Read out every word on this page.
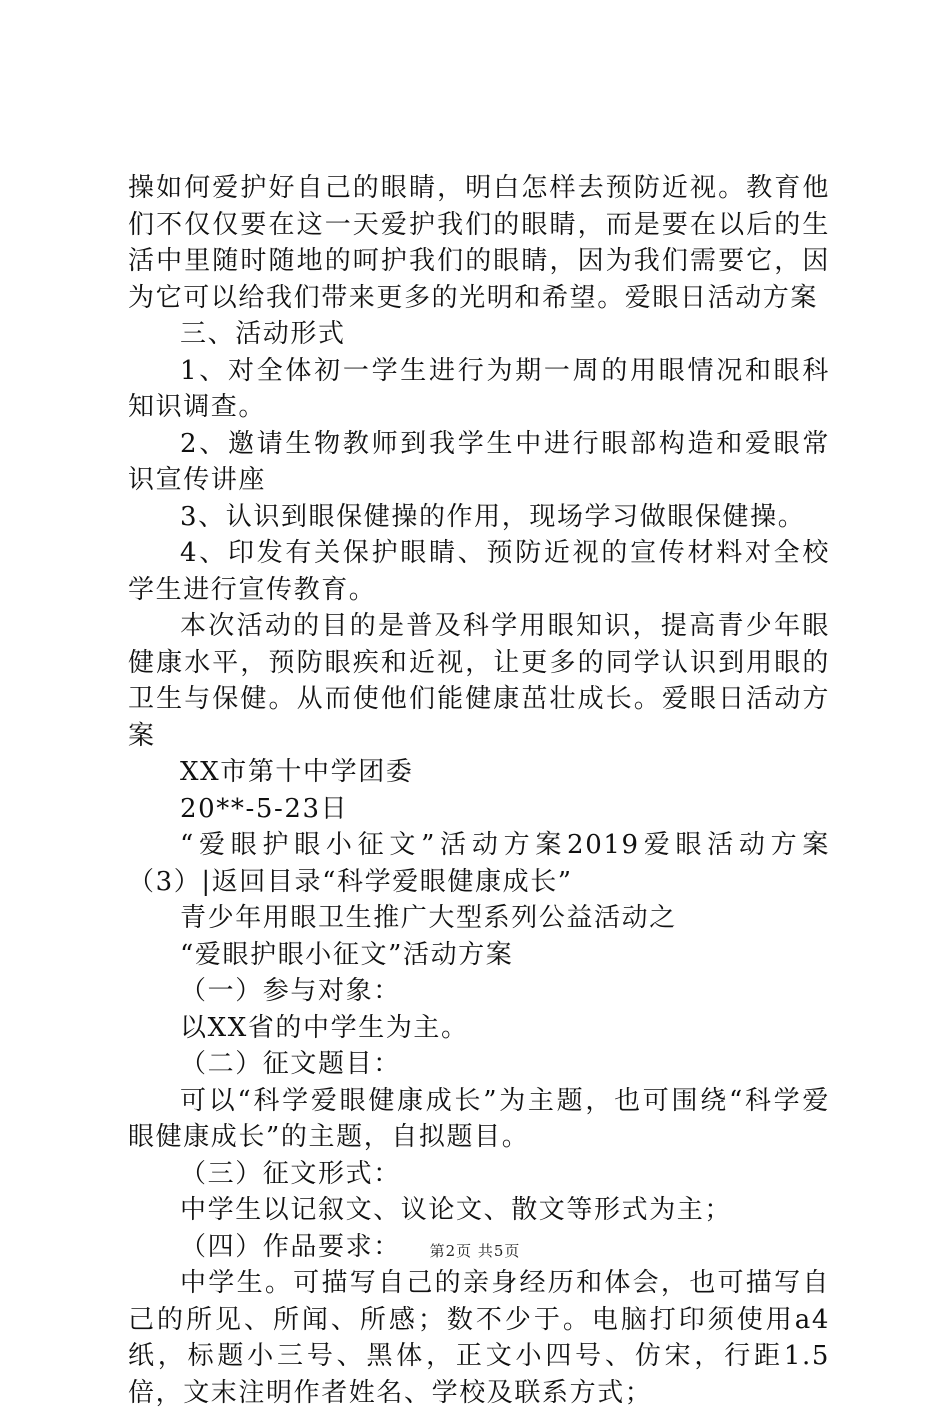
操如何爱护好自己的眼睛，明白怎样去预防近视。教育他们不仅仅要在这一天爱护我们的眼睛，而是要在以后的生活中里随时随地的呵护我们的眼睛，因为我们需要它，因为它可以给我们带来更多的光明和希望。爱眼日活动方案

三、活动形式

1、对全体初一学生进行为期一周的用眼情况和眼科知识调查。

2、邀请生物教师到我学生中进行眼部构造和爱眼常识宣传讲座

3、认识到眼保健操的作用，现场学习做眼保健操。

4、印发有关保护眼睛、预防近视的宣传材料对全校学生进行宣传教育。

本次活动的目的是普及科学用眼知识，提高青少年眼健康水平，预防眼疾和近视，让更多的同学认识到用眼的卫生与保健。从而使他们能健康茁壮成长。爱眼日活动方案

XX市第十中学团委

20**-5-23日

“爱眼护眼小征文”活动方案2019爱眼活动方案（3）|返回目录“科学爱眼健康成长”

青少年用眼卫生推广大型系列公益活动之

“爱眼护眼小征文”活动方案

（一）参与对象：

以XX省的中学生为主。

（二）征文题目：

可以“科学爱眼健康成长”为主题，也可围绕“科学爱眼健康成长”的主题，自拟题目。

（三）征文形式：

中学生以记叙文、议论文、散文等形式为主；

（四）作品要求：

中学生。可描写自己的亲身经历和体会，也可描写自己的所见、所闻、所感；数不少于。电脑打印须使用a4纸，标题小三号、黑体，正文小四号、仿宋，行距1.5倍，文末注明作者姓名、学校及联系方式；

第2页 共5页
